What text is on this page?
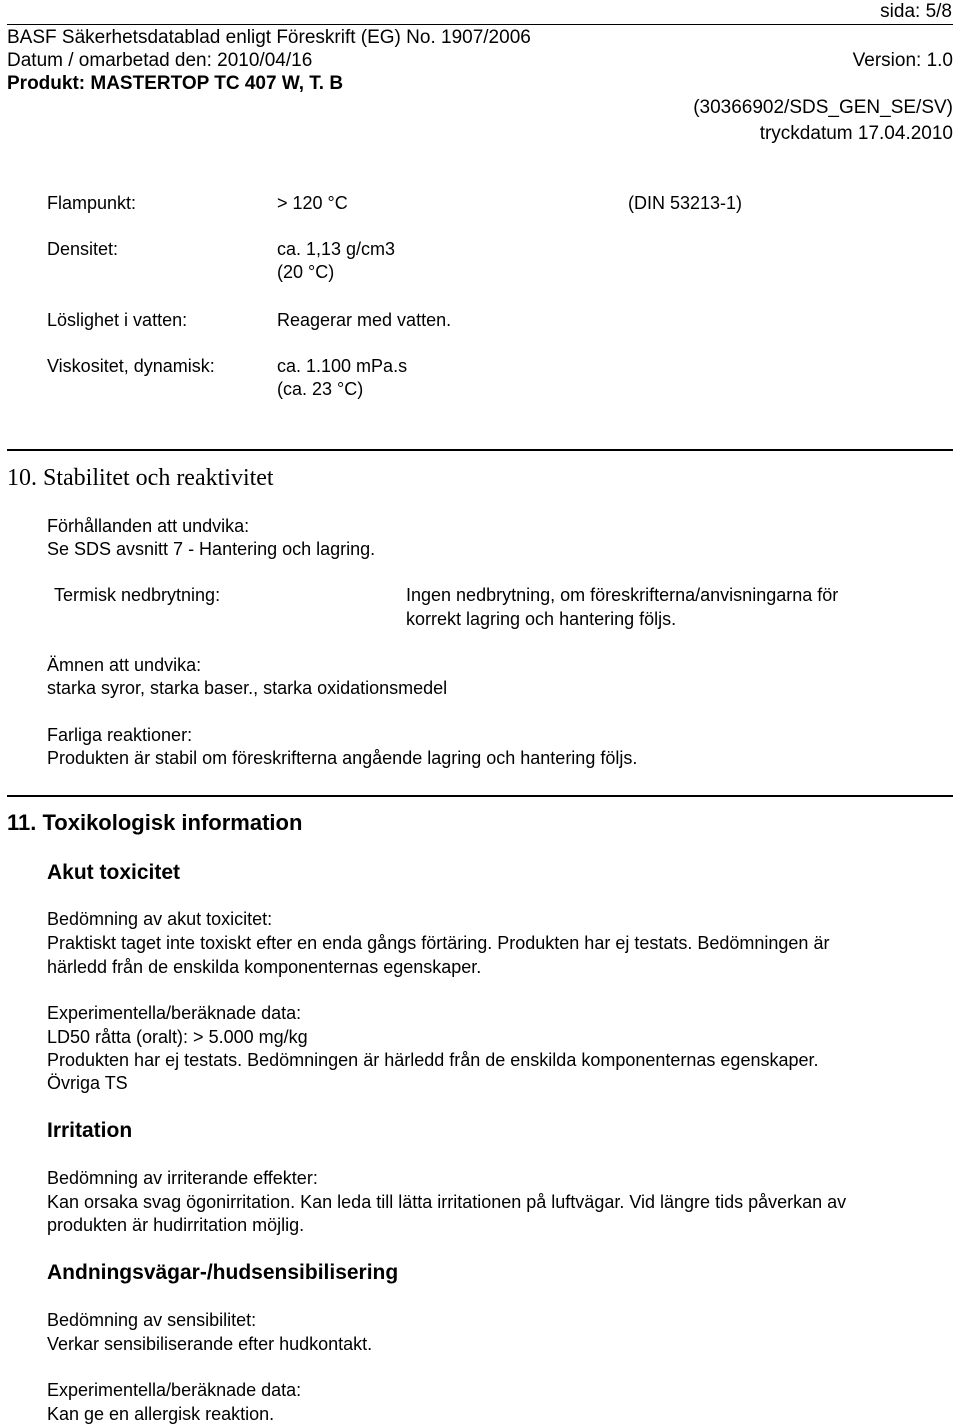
sida: 5/8
BASF Säkerhetsdatablad enligt Föreskrift (EG) No. 1907/2006
Datum / omarbetad den: 2010/04/16	Version: 1.0
Produkt: MASTERTOP TC 407 W, T. B
(30366902/SDS_GEN_SE/SV)
tryckdatum 17.04.2010
Flampunkt:	> 120 °C	(DIN 53213-1)
Densitet:	ca. 1,13 g/cm3
(20 °C)
Löslighet i vatten:	Reagerar med vatten.
Viskositet, dynamisk:	ca. 1.100 mPa.s
(ca. 23 °C)
10. Stabilitet och reaktivitet
Förhållanden att undvika:
Se SDS avsnitt 7 - Hantering och lagring.
Termisk nedbrytning:	Ingen nedbrytning, om föreskrifterna/anvisningarna för
korrekt lagring och hantering följs.
Ämnen att undvika:
starka syror, starka baser., starka oxidationsmedel
Farliga reaktioner:
Produkten är stabil om föreskrifterna angående lagring och hantering följs.
11. Toxikologisk information
Akut toxicitet
Bedömning av akut toxicitet:
Praktiskt taget inte toxiskt efter en enda gångs förtäring. Produkten har ej testats. Bedömningen är
härledd från de enskilda komponenternas egenskaper.
Experimentella/beräknade data:
LD50 råtta (oralt): > 5.000 mg/kg
Produkten har ej testats. Bedömningen är härledd från de enskilda komponenternas egenskaper.
Övriga TS
Irritation
Bedömning av irriterande effekter:
Kan orsaka svag ögonirritation. Kan leda till lätta irritationen på luftvägar. Vid längre tids påverkan av
produkten är hudirritation möjlig.
Andningsvägar-/hudsensibilisering
Bedömning av sensibilitet:
Verkar sensibiliserande efter hudkontakt.
Experimentella/beräknade data:
Kan ge en allergisk reaktion.
